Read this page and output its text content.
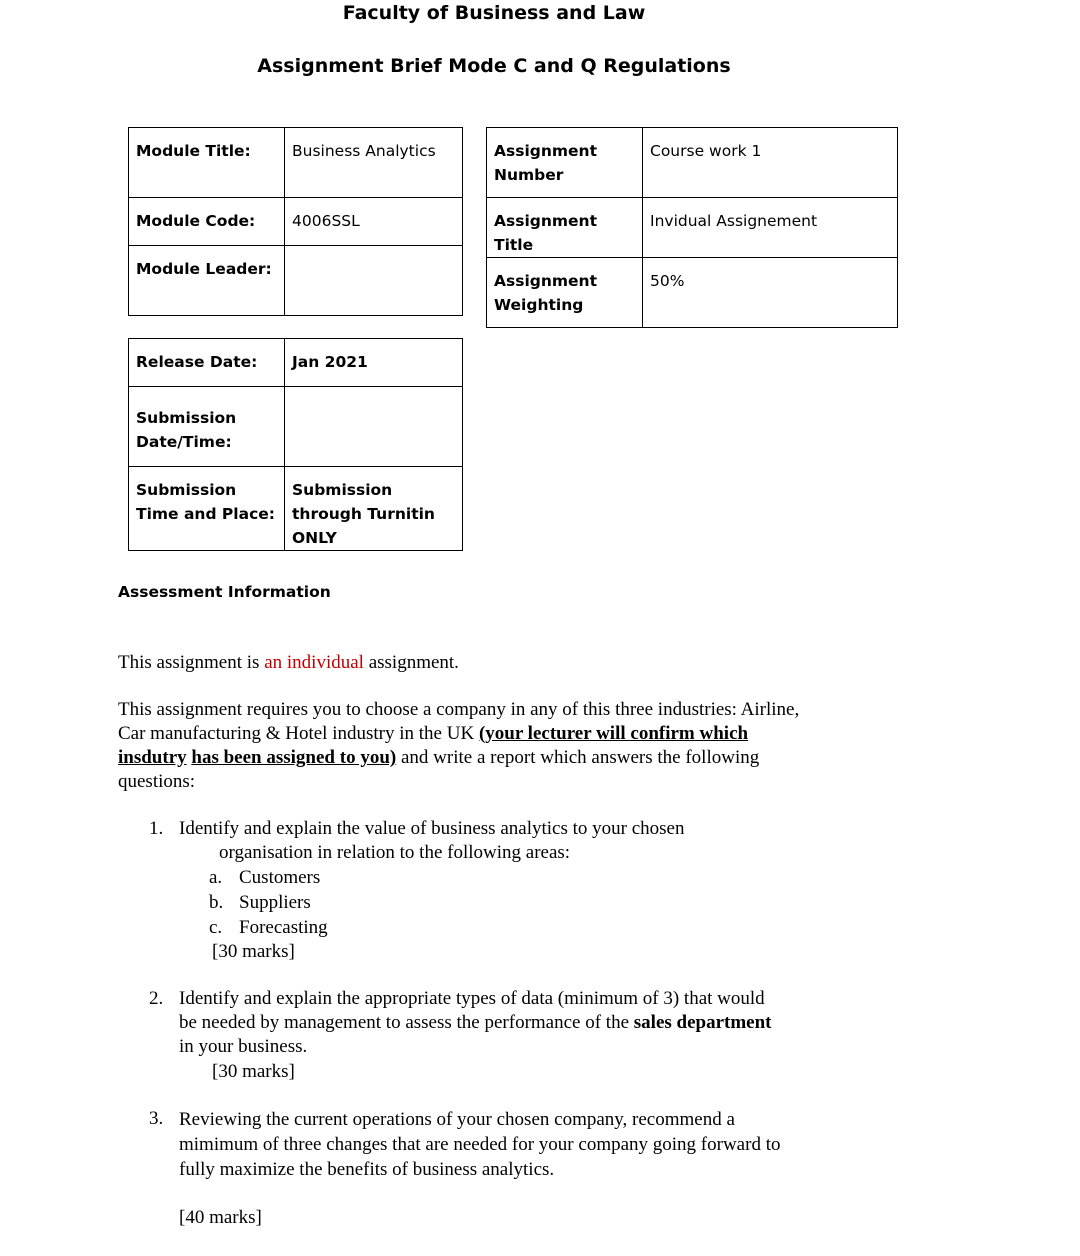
Faculty of Business and Law
Assignment Brief Mode C and Q Regulations
Module Title:	Business Analytics
Module Code:	4006SSL
Module Leader:	
Assignment Number	Course work 1
Assignment Title	Invidual Assignement
Assignment Weighting	50%
Release Date:	Jan 2021
Submission Date/Time:	
Submission Time and Place:	Submission through Turnitin ONLY
Assessment Information
This assignment is an individual assignment.
This assignment requires you to choose a company in any of this three industries: Airline,
Car manufacturing & Hotel industry in the UK (your lecturer will confirm which
insdutry has been assigned to you) and write a report which answers the following
questions:
1. Identify and explain the value of business analytics to your chosen
organisation in relation to the following areas:
a. Customers
b. Suppliers
c. Forecasting
[30 marks]
2. Identify and explain the appropriate types of data (minimum of 3) that would
be needed by management to assess the performance of the sales department
in your business.
[30 marks]
3. Reviewing the current operations of your chosen company, recommend a
mimimum of three changes that are needed for your company going forward to
fully maximize the benefits of business analytics.
[40 marks]
